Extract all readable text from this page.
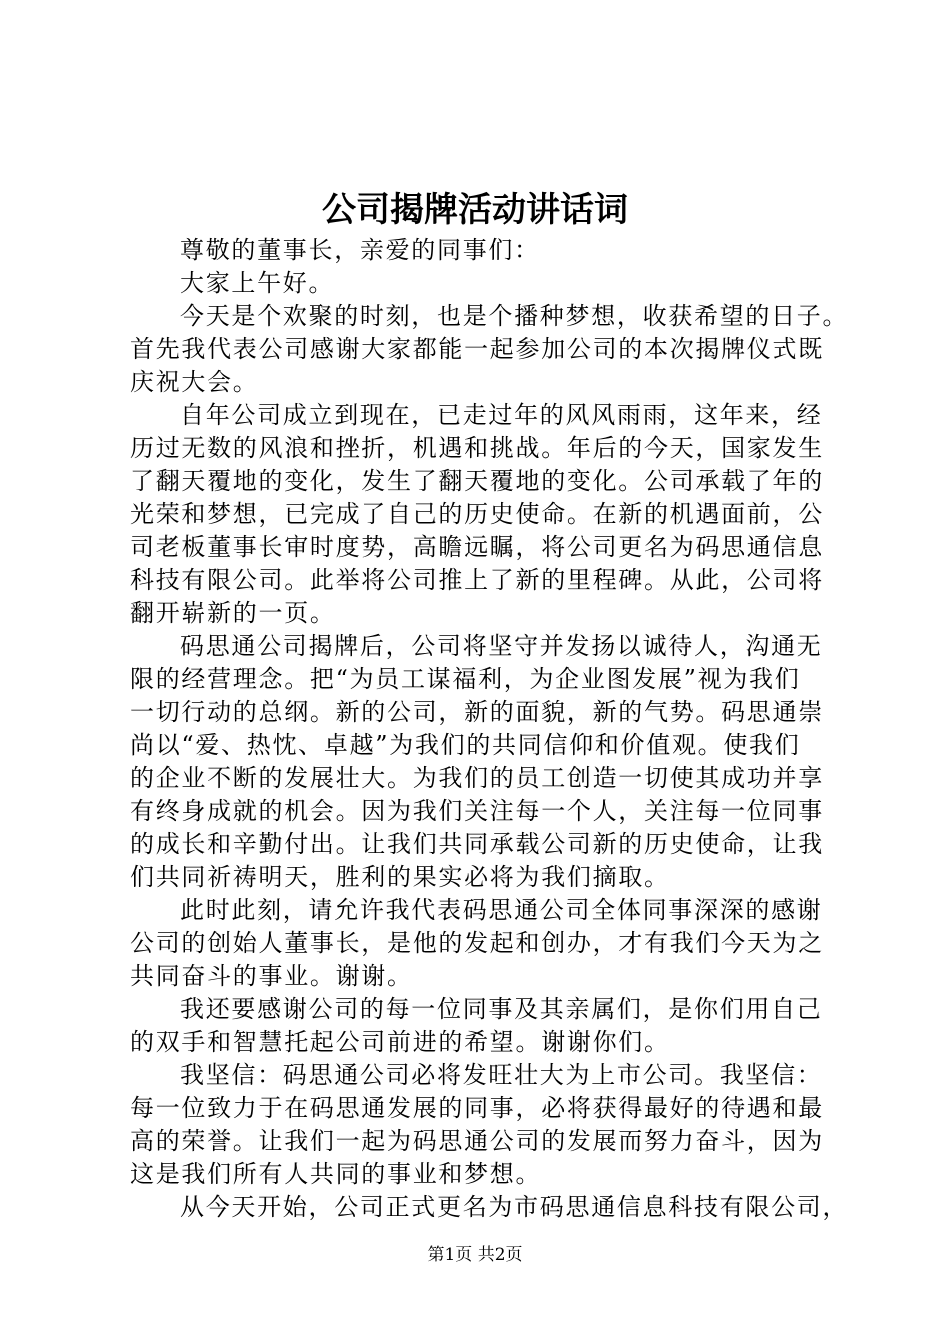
公司揭牌活动讲话词
尊敬的董事长，亲爱的同事们：
大家上午好。
今天是个欢聚的时刻，也是个播种梦想，收获希望的日子。
首先我代表公司感谢大家都能一起参加公司的本次揭牌仪式既
庆祝大会。
自年公司成立到现在，已走过年的风风雨雨，这年来，经
历过无数的风浪和挫折，机遇和挑战。年后的今天，国家发生
了翻天覆地的变化，发生了翻天覆地的变化。公司承载了年的
光荣和梦想，已完成了自己的历史使命。在新的机遇面前，公
司老板董事长审时度势，高瞻远瞩，将公司更名为码思通信息
科技有限公司。此举将公司推上了新的里程碑。从此，公司将
翻开崭新的一页。
码思通公司揭牌后，公司将坚守并发扬以诚待人，沟通无
限的经营理念。把“为员工谋福利，为企业图发展”视为我们
一切行动的总纲。新的公司，新的面貌，新的气势。码思通崇
尚以“爱、热忱、卓越”为我们的共同信仰和价值观。使我们
的企业不断的发展壮大。为我们的员工创造一切使其成功并享
有终身成就的机会。因为我们关注每一个人，关注每一位同事
的成长和辛勤付出。让我们共同承载公司新的历史使命，让我
们共同祈祷明天，胜利的果实必将为我们摘取。
此时此刻，请允许我代表码思通公司全体同事深深的感谢
公司的创始人董事长，是他的发起和创办，才有我们今天为之
共同奋斗的事业。谢谢。
我还要感谢公司的每一位同事及其亲属们，是你们用自己
的双手和智慧托起公司前进的希望。谢谢你们。
我坚信：码思通公司必将发旺壮大为上市公司。我坚信：
每一位致力于在码思通发展的同事，必将获得最好的待遇和最
高的荣誉。让我们一起为码思通公司的发展而努力奋斗，因为
这是我们所有人共同的事业和梦想。
从今天开始，公司正式更名为市码思通信息科技有限公司，
第1页 共2页
